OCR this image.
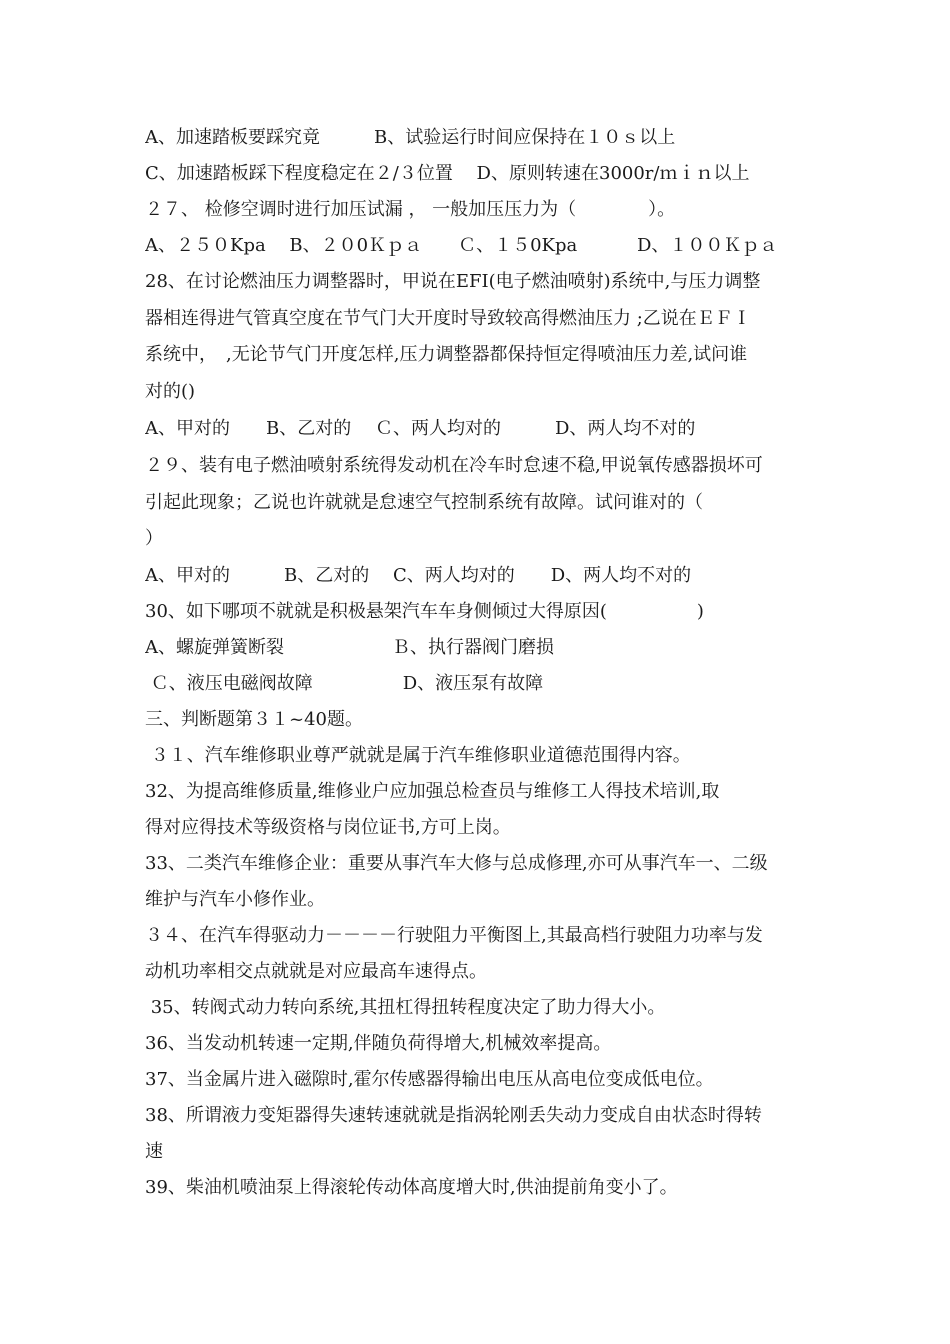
A、加速踏板要踩究竟　　　B、试验运行时间应保持在１０ｓ以上
C、加速踏板踩下程度稳定在２/３位置　 D、原则转速在3000r/ｍｉｎ以上
２７、 检修空调时进行加压试漏 ， 一般加压压力为（　　　　）。
A、２５０Kpa 　B、２０0Ｋｐａ　　Ｃ、１５0Kpa　　　 D、１００Ｋｐａ
28、在讨论燃油压力调整器时，甲说在EFI(电子燃油喷射)系统中,与压力调整
器相连得进气管真空度在节气门大开度时导致较高得燃油压力 ;乙说在ＥＦＩ
系统中，　,无论节气门开度怎样,压力调整器都保持恒定得喷油压力差,试问谁
对的()
A、甲对的　　B、乙对的　 Ｃ、两人均对的　　　D、两人均不对的
２９、装有电子燃油喷射系统得发动机在冷车时怠速不稳,甲说氧传感器损坏可
引起此现象；乙说也许就就是怠速空气控制系统有故障。试问谁对的（
）
A、甲对的　　　B、乙对的　 C、两人均对的　　D、两人均不对的
30、如下哪项不就就是积极悬架汽车车身侧倾过大得原因(　　　　　)
A、螺旋弹簧断裂　　　　　　Ｂ、执行器阀门磨损
Ｃ、液压电磁阀故障　　　　　D、液压泵有故障
三、判断题第３１~40题。
３１、汽车维修职业尊严就就是属于汽车维修职业道德范围得内容。
32、为提高维修质量,维修业户应加强总检查员与维修工人得技术培训,取
得对应得技术等级资格与岗位证书,方可上岗。
33、二类汽车维修企业：重要从事汽车大修与总成修理,亦可从事汽车一、二级
维护与汽车小修作业。
３４、在汽车得驱动力－－－－行驶阻力平衡图上,其最高档行驶阻力功率与发
动机功率相交点就就是对应最高车速得点。
35、转阀式动力转向系统,其扭杠得扭转程度决定了助力得大小。
36、当发动机转速一定期,伴随负荷得增大,机械效率提高。
37、当金属片进入磁隙时,霍尔传感器得输出电压从高电位变成低电位。
38、所谓液力变矩器得失速转速就就是指涡轮刚丢失动力变成自由状态时得转
速
39、柴油机喷油泵上得滚轮传动体高度增大时,供油提前角变小了。
